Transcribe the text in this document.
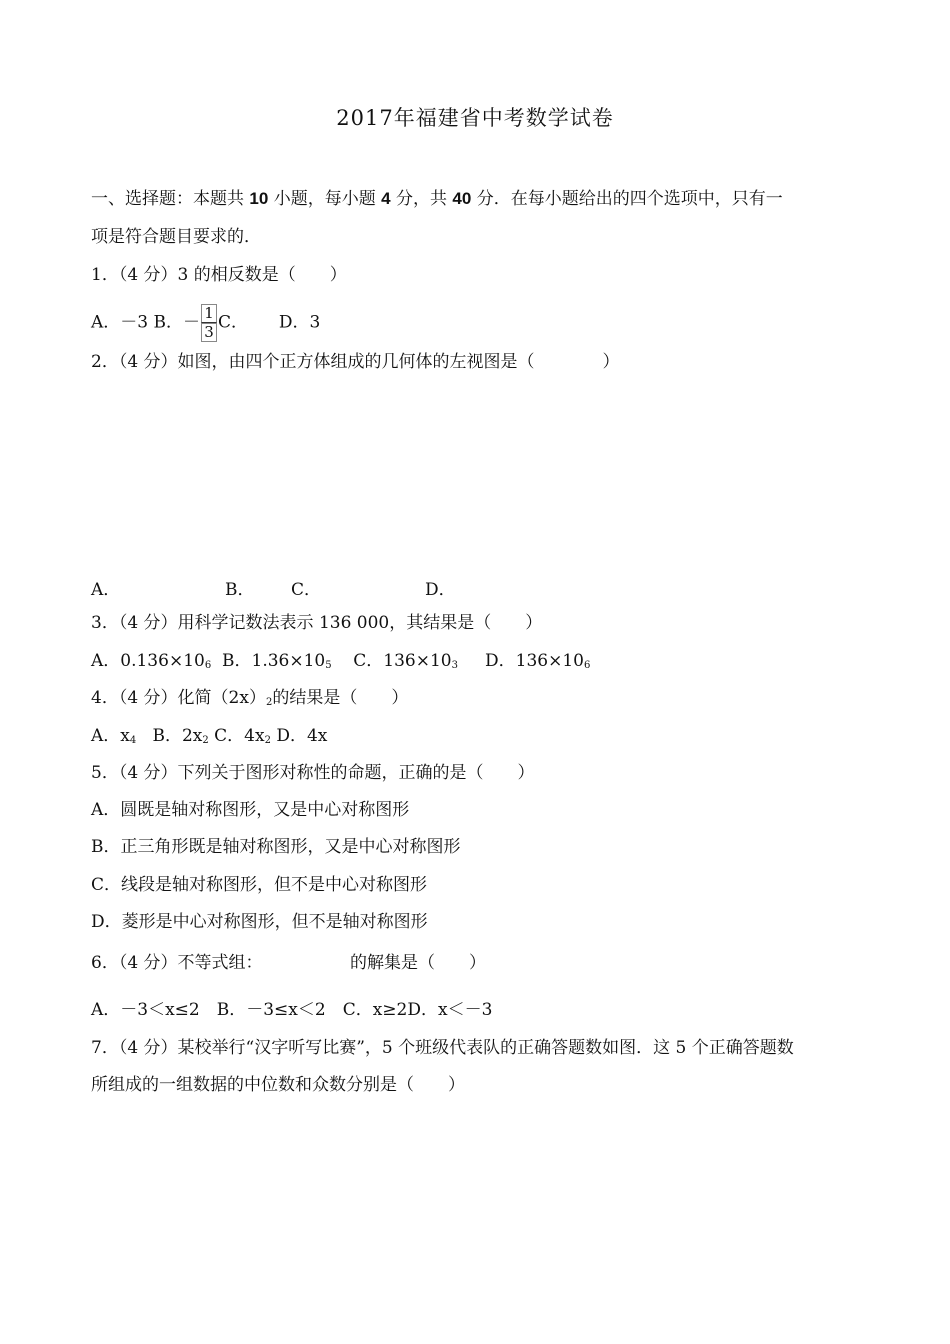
2017年福建省中考数学试卷
一、选择题：本题共 10 小题，每小题 4 分，共 40 分．在每小题给出的四个选项中，只有一
项是符合题目要求的．
1．（4 分）3 的相反数是（　　）
A．－3 B．－ $\frac{1}{3}$ C．　　 D．3
2．（4 分）如图，由四个正方体组成的几何体的左视图是（　　　　）
A．	B． C．	D．
3．（4 分）用科学记数法表示 136 000，其结果是（　　）
A．$0.136\times 10_6$ B．$1.36\times 10_5$ C．$136\times 10_3$ D．$136\times 10_6$
4．（4 分）化简$(2x)_2$的结果是（　　）
A．$x_4$ B．$2x_2$ C．$4x_2$ D．4x
5．（4 分）下列关于图形对称性的命题，正确的是（　　）
A．圆既是轴对称图形，又是中心对称图形
B．正三角形既是轴对称图形，又是中心对称图形
C．线段是轴对称图形，但不是中心对称图形
D．菱形是中心对称图形，但不是轴对称图形
6．（4 分）不等式组：	的解集是（　　）
A．－3＜x≤2　B．－3≤x＜2　C．x≥2D．x＜－3
7．（4 分）某校举行“汉字听写比赛”，5 个班级代表队的正确答题数如图．这 5 个正确答题数
所组成的一组数据的中位数和众数分别是（　　）
